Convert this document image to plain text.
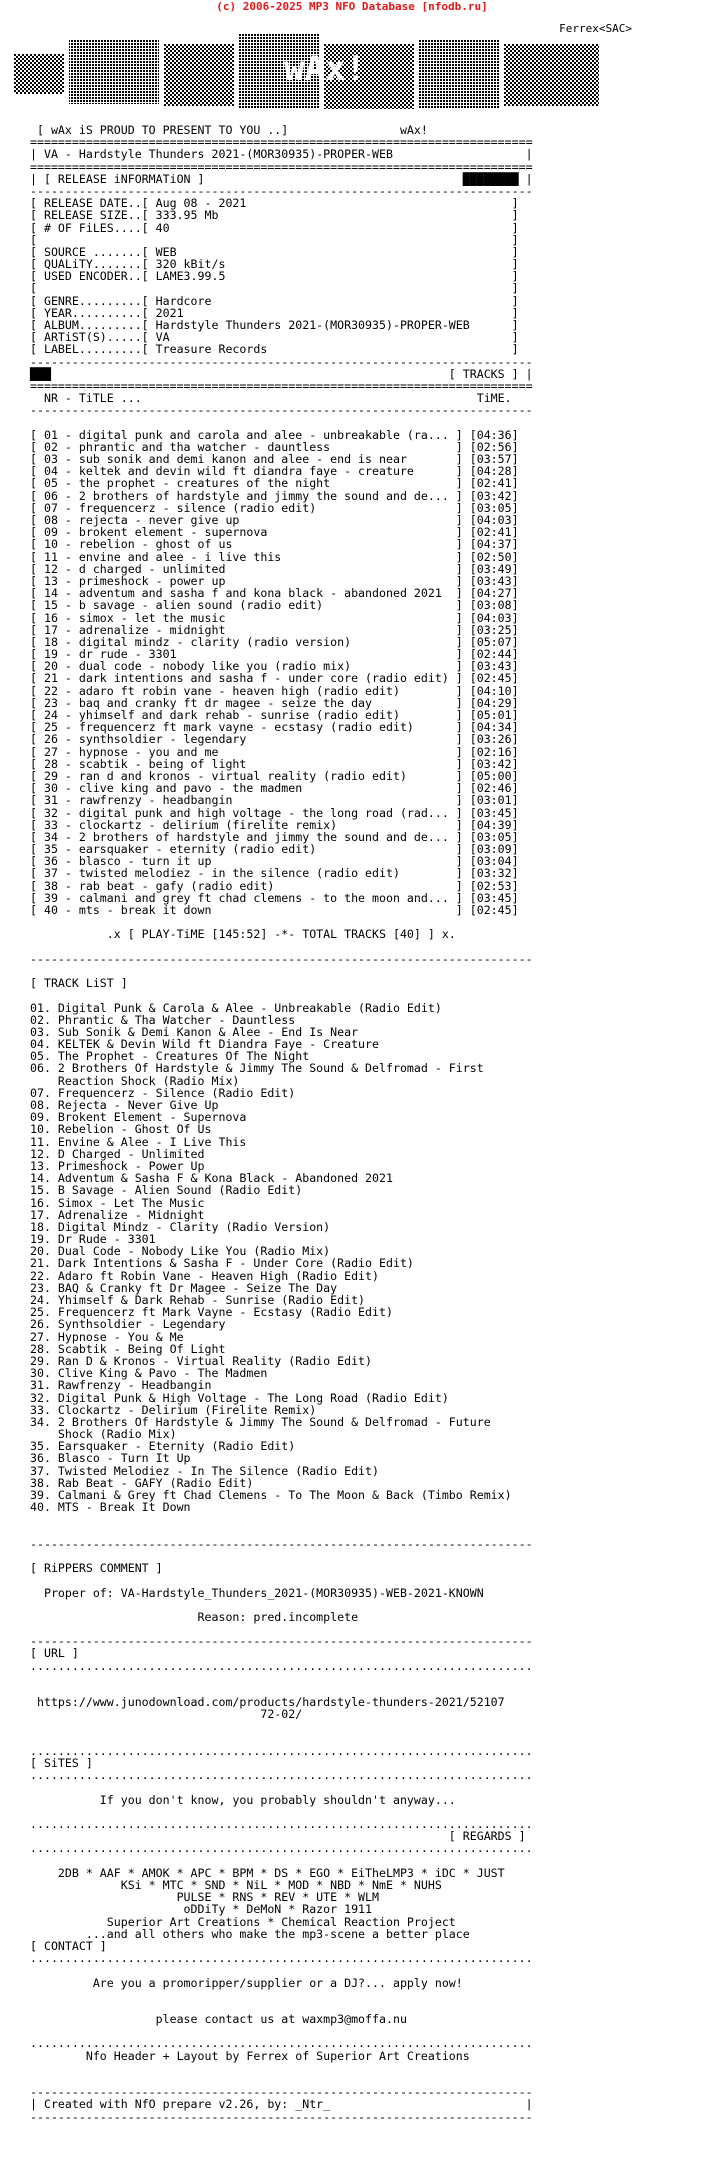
(c) 2006-2025 MP3 NFO Database [nfodb.ru]
Ferrex<SAC>
wAx!
[ wAx iS PROUD TO PRESENT TO YOU ..]                wAx!
========================================================================
| VA - Hardstyle Thunders 2021-(MOR30935)-PROPER-WEB                   |
========================================================================
| [ RELEASE iNFORMATiON ]                                     ████████ |
------------------------------------------------------------------------
[ RELEASE DATE..[ Aug 08 - 2021                                      ]
[ RELEASE SIZE..[ 333.95 Mb                                          ]
[ # OF FiLES....[ 40                                                 ]
[                                                                    ]
[ SOURCE .......[ WEB                                                ]
[ QUALiTY.......[ 320 kBit/s                                         ]
[ USED ENCODER..[ LAME3.99.5                                         ]
[                                                                    ]
[ GENRE.........[ Hardcore                                           ]
[ YEAR..........[ 2021                                               ]
[ ALBUM.........[ Hardstyle Thunders 2021-(MOR30935)-PROPER-WEB      ]
[ ARTiST(S).....[ VA                                                 ]
[ LABEL.........[ Treasure Records                                   ]
------------------------------------------------------------------------
███                                                         [ TRACKS ] |
========================================================================
NR - TiTLE ...                                                TiME.
------------------------------------------------------------------------

[ 01 - digital punk and carola and alee - unbreakable (ra... ] [04:36]
[ 02 - phrantic and tha watcher - dauntless                  ] [02:56]
[ 03 - sub sonik and demi kanon and alee - end is near       ] [03:57]
[ 04 - keltek and devin wild ft diandra faye - creature      ] [04:28]
[ 05 - the prophet - creatures of the night                  ] [02:41]
[ 06 - 2 brothers of hardstyle and jimmy the sound and de... ] [03:42]
[ 07 - frequencerz - silence (radio edit)                    ] [03:05]
[ 08 - rejecta - never give up                               ] [04:03]
[ 09 - brokent element - supernova                           ] [02:41]
[ 10 - rebelion - ghost of us                                ] [04:37]
[ 11 - envine and alee - i live this                         ] [02:50]
[ 12 - d charged - unlimited                                 ] [03:49]
[ 13 - primeshock - power up                                 ] [03:43]
[ 14 - adventum and sasha f and kona black - abandoned 2021  ] [04:27]
[ 15 - b savage - alien sound (radio edit)                   ] [03:08]
[ 16 - simox - let the music                                 ] [04:03]
[ 17 - adrenalize - midnight                                 ] [03:25]
[ 18 - digital mindz - clarity (radio version)               ] [05:07]
[ 19 - dr rude - 3301                                        ] [02:44]
[ 20 - dual code - nobody like you (radio mix)               ] [03:43]
[ 21 - dark intentions and sasha f - under core (radio edit) ] [02:45]
[ 22 - adaro ft robin vane - heaven high (radio edit)        ] [04:10]
[ 23 - baq and cranky ft dr magee - seize the day            ] [04:29]
[ 24 - yhimself and dark rehab - sunrise (radio edit)        ] [05:01]
[ 25 - frequencerz ft mark vayne - ecstasy (radio edit)      ] [04:34]
[ 26 - synthsoldier - legendary                              ] [03:26]
[ 27 - hypnose - you and me                                  ] [02:16]
[ 28 - scabtik - being of light                              ] [03:42]
[ 29 - ran d and kronos - virtual reality (radio edit)       ] [05:00]
[ 30 - clive king and pavo - the madmen                      ] [02:46]
[ 31 - rawfrenzy - headbangin                                ] [03:01]
[ 32 - digital punk and high voltage - the long road (rad... ] [03:45]
[ 33 - clockartz - delirium (firelite remix)                 ] [04:39]
[ 34 - 2 brothers of hardstyle and jimmy the sound and de... ] [03:05]
[ 35 - earsquaker - eternity (radio edit)                    ] [03:09]
[ 36 - blasco - turn it up                                   ] [03:04]
[ 37 - twisted melodiez - in the silence (radio edit)        ] [03:32]
[ 38 - rab beat - gafy (radio edit)                          ] [02:53]
[ 39 - calmani and grey ft chad clemens - to the moon and... ] [03:45]
[ 40 - mts - break it down                                   ] [02:45]

.x [ PLAY-TiME [145:52] -*- TOTAL TRACKS [40] ] x.

------------------------------------------------------------------------

[ TRACK LiST ]

01. Digital Punk & Carola & Alee - Unbreakable (Radio Edit)
02. Phrantic & Tha Watcher - Dauntless
03. Sub Sonik & Demi Kanon & Alee - End Is Near
04. KELTEK & Devin Wild ft Diandra Faye - Creature
05. The Prophet - Creatures Of The Night
06. 2 Brothers Of Hardstyle & Jimmy The Sound & Delfromad - First
Reaction Shock (Radio Mix)
07. Frequencerz - Silence (Radio Edit)
08. Rejecta - Never Give Up
09. Brokent Element - Supernova
10. Rebelion - Ghost Of Us
11. Envine & Alee - I Live This
12. D Charged - Unlimited
13. Primeshock - Power Up
14. Adventum & Sasha F & Kona Black - Abandoned 2021
15. B Savage - Alien Sound (Radio Edit)
16. Simox - Let The Music
17. Adrenalize - Midnight
18. Digital Mindz - Clarity (Radio Version)
19. Dr Rude - 3301
20. Dual Code - Nobody Like You (Radio Mix)
21. Dark Intentions & Sasha F - Under Core (Radio Edit)
22. Adaro ft Robin Vane - Heaven High (Radio Edit)
23. BAQ & Cranky ft Dr Magee - Seize The Day
24. Yhimself & Dark Rehab - Sunrise (Radio Edit)
25. Frequencerz ft Mark Vayne - Ecstasy (Radio Edit)
26. Synthsoldier - Legendary
27. Hypnose - You & Me
28. Scabtik - Being Of Light
29. Ran D & Kronos - Virtual Reality (Radio Edit)
30. Clive King & Pavo - The Madmen
31. Rawfrenzy - Headbangin
32. Digital Punk & High Voltage - The Long Road (Radio Edit)
33. Clockartz - Delirium (Firelite Remix)
34. 2 Brothers Of Hardstyle & Jimmy The Sound & Delfromad - Future
Shock (Radio Mix)
35. Earsquaker - Eternity (Radio Edit)
36. Blasco - Turn It Up
37. Twisted Melodiez - In The Silence (Radio Edit)
38. Rab Beat - GAFY (Radio Edit)
39. Calmani & Grey ft Chad Clemens - To The Moon & Back (Timbo Remix)
40. MTS - Break It Down

------------------------------------------------------------------------

[ RiPPERS COMMENT ]

Proper of: VA-Hardstyle_Thunders_2021-(MOR30935)-WEB-2021-KNOWN

Reason: pred.incomplete

------------------------------------------------------------------------
[ URL ]
........................................................................

https://www.junodownload.com/products/hardstyle-thunders-2021/52107
72-02/

........................................................................
[ SiTES ]
........................................................................

If you don't know, you probably shouldn't anyway...

........................................................................
[ REGARDS ]
........................................................................

2DB * AAF * AMOK * APC * BPM * DS * EGO * EiTheLMP3 * iDC * JUST
KSi * MTC * SND * NiL * MOD * NBD * NmE * NUHS
PULSE * RNS * REV * UTE * WLM
oDDiTy * DeMoN * Razor 1911
Superior Art Creations * Chemical Reaction Project
...and all others who make the mp3-scene a better place
[ CONTACT ]
........................................................................

Are you a promoripper/supplier or a DJ?... apply now!

please contact us at waxmp3@moffa.nu

........................................................................
Nfo Header + Layout by Ferrex of Superior Art Creations

------------------------------------------------------------------------
| Created with NfO prepare v2.26, by: _Ntr_                            |
------------------------------------------------------------------------
